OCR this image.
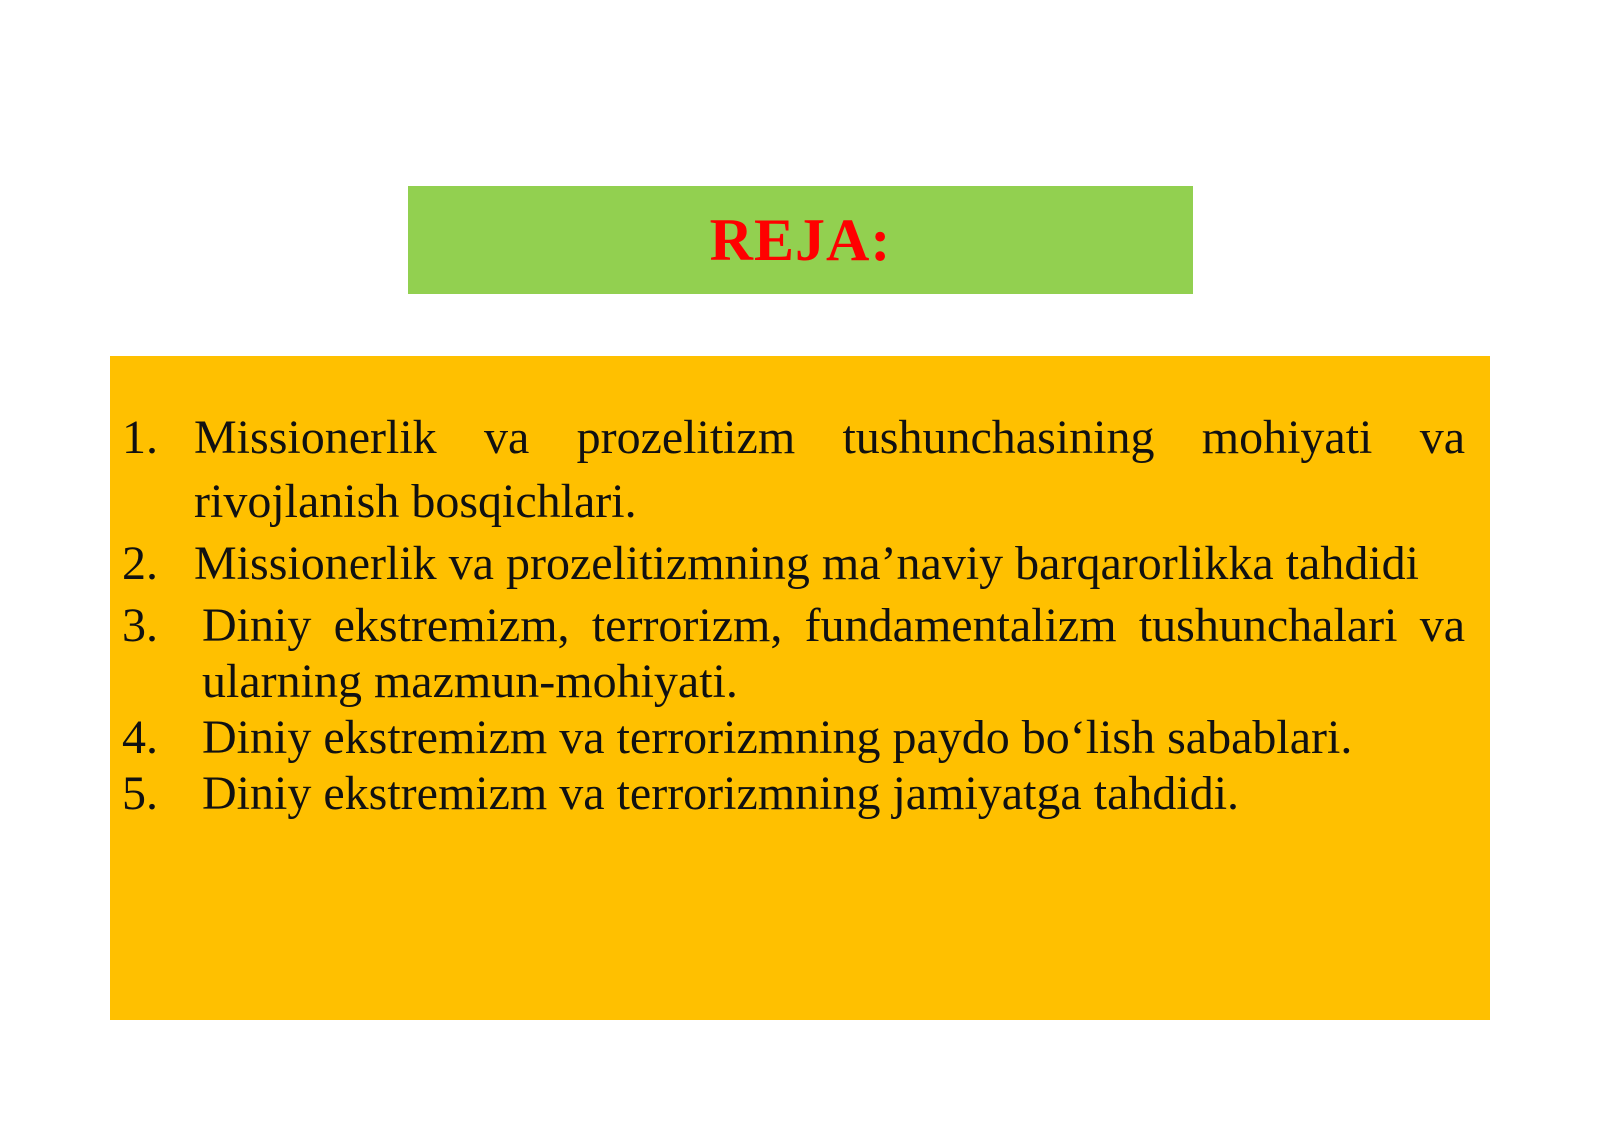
REJA:
1. Missionerlik va prozelitizm tushunchasining mohiyati va rivojlanish bosqichlari.
2. Missionerlik va prozelitizmning ma’naviy barqarorlikka tahdidi
3. Diniy ekstremizm, terrorizm, fundamentalizm tushunchalari va ularning mazmun-mohiyati.
4. Diniy ekstremizm va terrorizmning paydo bo‘lish sabablari.
5. Diniy ekstremizm va terrorizmning jamiyatga tahdidi.
